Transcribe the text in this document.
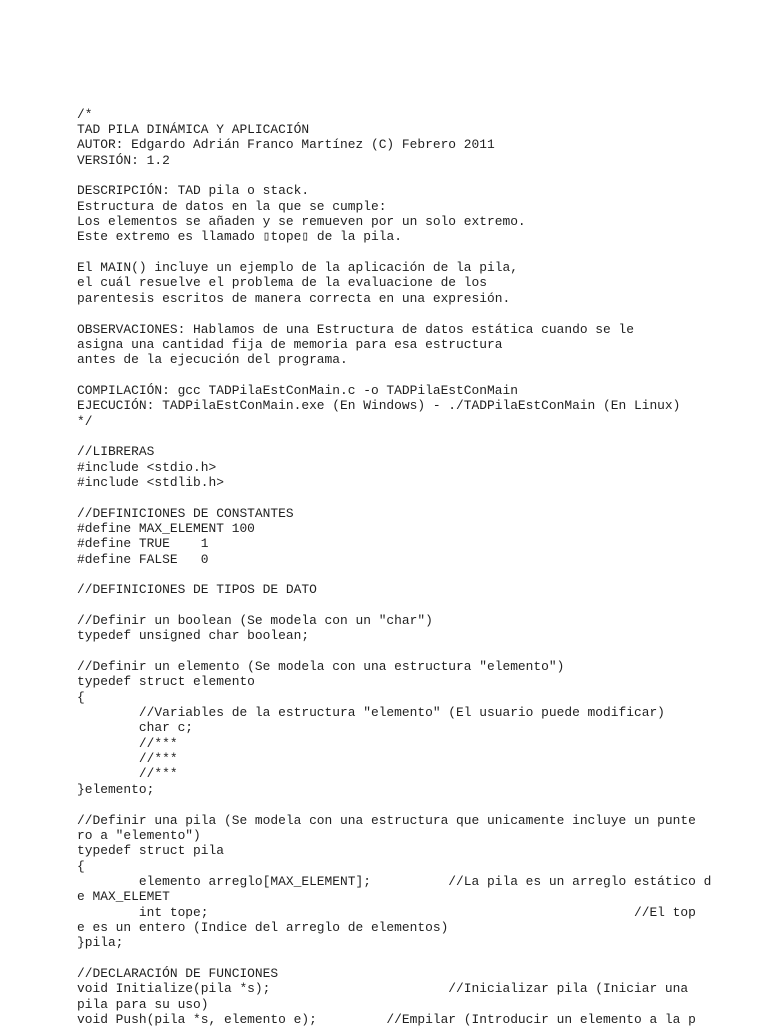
/*
TAD PILA DINÁMICA Y APLICACIÓN
AUTOR: Edgardo Adrián Franco Martínez (C) Febrero 2011
VERSIÓN: 1.2
DESCRIPCIÓN: TAD pila o stack.
Estructura de datos en la que se cumple:
Los elementos se añaden y se remueven por un solo extremo.
Este extremo es llamado ▯tope▯ de la pila.
El MAIN() incluye un ejemplo de la aplicación de la pila,
el cuál resuelve el problema de la evaluacione de los
parentesis escritos de manera correcta en una expresión.
OBSERVACIONES: Hablamos de una Estructura de datos estática cuando se le
asigna una cantidad fija de memoria para esa estructura
antes de la ejecución del programa.
COMPILACIÓN: gcc TADPilaEstConMain.c -o TADPilaEstConMain
EJECUCIÓN: TADPilaEstConMain.exe (En Windows) - ./TADPilaEstConMain (En Linux)
*/
//LIBRERAS
#include <stdio.h>
#include <stdlib.h>
//DEFINICIONES DE CONSTANTES
#define MAX_ELEMENT 100
#define TRUE    1
#define FALSE   0
//DEFINICIONES DE TIPOS DE DATO
//Definir un boolean (Se modela con un "char")
typedef unsigned char boolean;
//Definir un elemento (Se modela con una estructura "elemento")
typedef struct elemento
{
//Variables de la estructura "elemento" (El usuario puede modificar)
char c;
//***
//***
//***
}elemento;
//Definir una pila (Se modela con una estructura que unicamente incluye un punte
ro a "elemento")
typedef struct pila
{
elemento arreglo[MAX_ELEMENT];          //La pila es un arreglo estático d
e MAX_ELEMET
int tope;                                                       //El top
e es un entero (Indice del arreglo de elementos)
}pila;
//DECLARACIÓN DE FUNCIONES
void Initialize(pila *s);                       //Inicializar pila (Iniciar una
pila para su uso)
void Push(pila *s, elemento e);         //Empilar (Introducir un elemento a la p
